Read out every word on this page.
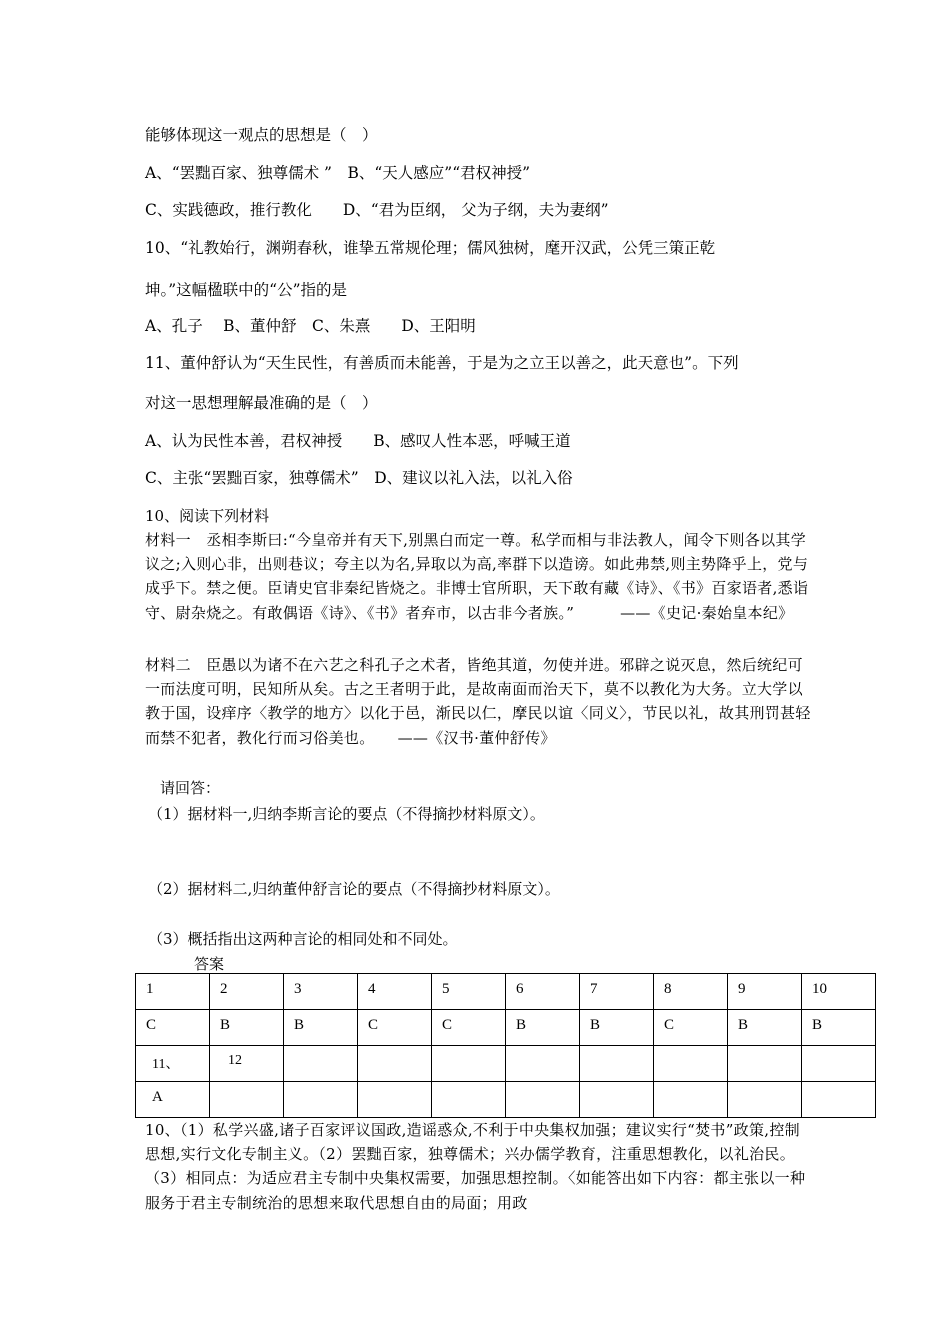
能够体现这一观点的思想是（　）
A、“罢黜百家、独尊儒术 ”　B、“天人感应”“君权神授”
C、实践德政，推行教化　　D、“君为臣纲， 父为子纲，夫为妻纲”
10、“礼教始行，渊朔春秋，谁挚五常规伦理；儒风独树，麾开汉武，公凭三策正乾
坤。”这幅楹联中的“公”指的是
A、孔子　 B、董仲舒　C、朱熹　　D、王阳明
11、董仲舒认为“天生民性，有善质而未能善，于是为之立王以善之，此天意也”。下列
对这一思想理解最准确的是（　）
A、认为民性本善，君权神授　　B、感叹人性本恶，呼喊王道
C、主张“罢黜百家，独尊儒术”　D、建议以礼入法，以礼入俗
10、阅读下列材料

材料一　丞相李斯曰:“今皇帝并有天下,别黑白而定一尊。私学而相与非法教人，闻令下则各以其学议之;入则心非，出则巷议；夸主以为名,异取以为高,率群下以造谤。如此弗禁,则主势降乎上，党与成乎下。禁之便。臣请史官非秦纪皆烧之。非博士官所职，天下敢有藏《诗》、《书》百家语者,悉诣守、尉杂烧之。有敢偶语《诗》、《书》者弃市，以古非今者族。”　　　——《史记·秦始皇本纪》

材料二　臣愚以为诸不在六艺之科孔子之术者，皆绝其道，勿使并进。邪辟之说灭息，然后统纪可一而法度可明，民知所从矣。古之王者明于此，是故南面而治天下，莫不以教化为大务。立大学以教于国，设痒序〈教学的地方〉以化于邑，渐民以仁，摩民以谊〈同义〉，节民以礼，故其刑罚甚轻而禁不犯者，教化行而习俗美也。　　——《汉书·董仲舒传》

请回答：
（1）据材料一,归纳李斯言论的要点（不得摘抄材料原文）。
（2）据材料二,归纳董仲舒言论的要点（不得摘抄材料原文）。
（3）概括指出这两种言论的相同处和不同处。
答案
1	2	3	4	5	6	7	8	9	10
C	B	B	C	C	B	B	C	B	B
11、	12								
A									

10、（1）私学兴盛,诸子百家评议国政,造谣惑众,不利于中央集权加强；建议实行“焚书”政策,控制思想,实行文化专制主义。（2）罢黜百家，独尊儒术；兴办儒学教育，注重思想教化，以礼治民。（3）相同点：为适应君主专制中央集权需要，加强思想控制。〈如能答出如下内容：都主张以一种服务于君主专制统治的思想来取代思想自由的局面；用政
